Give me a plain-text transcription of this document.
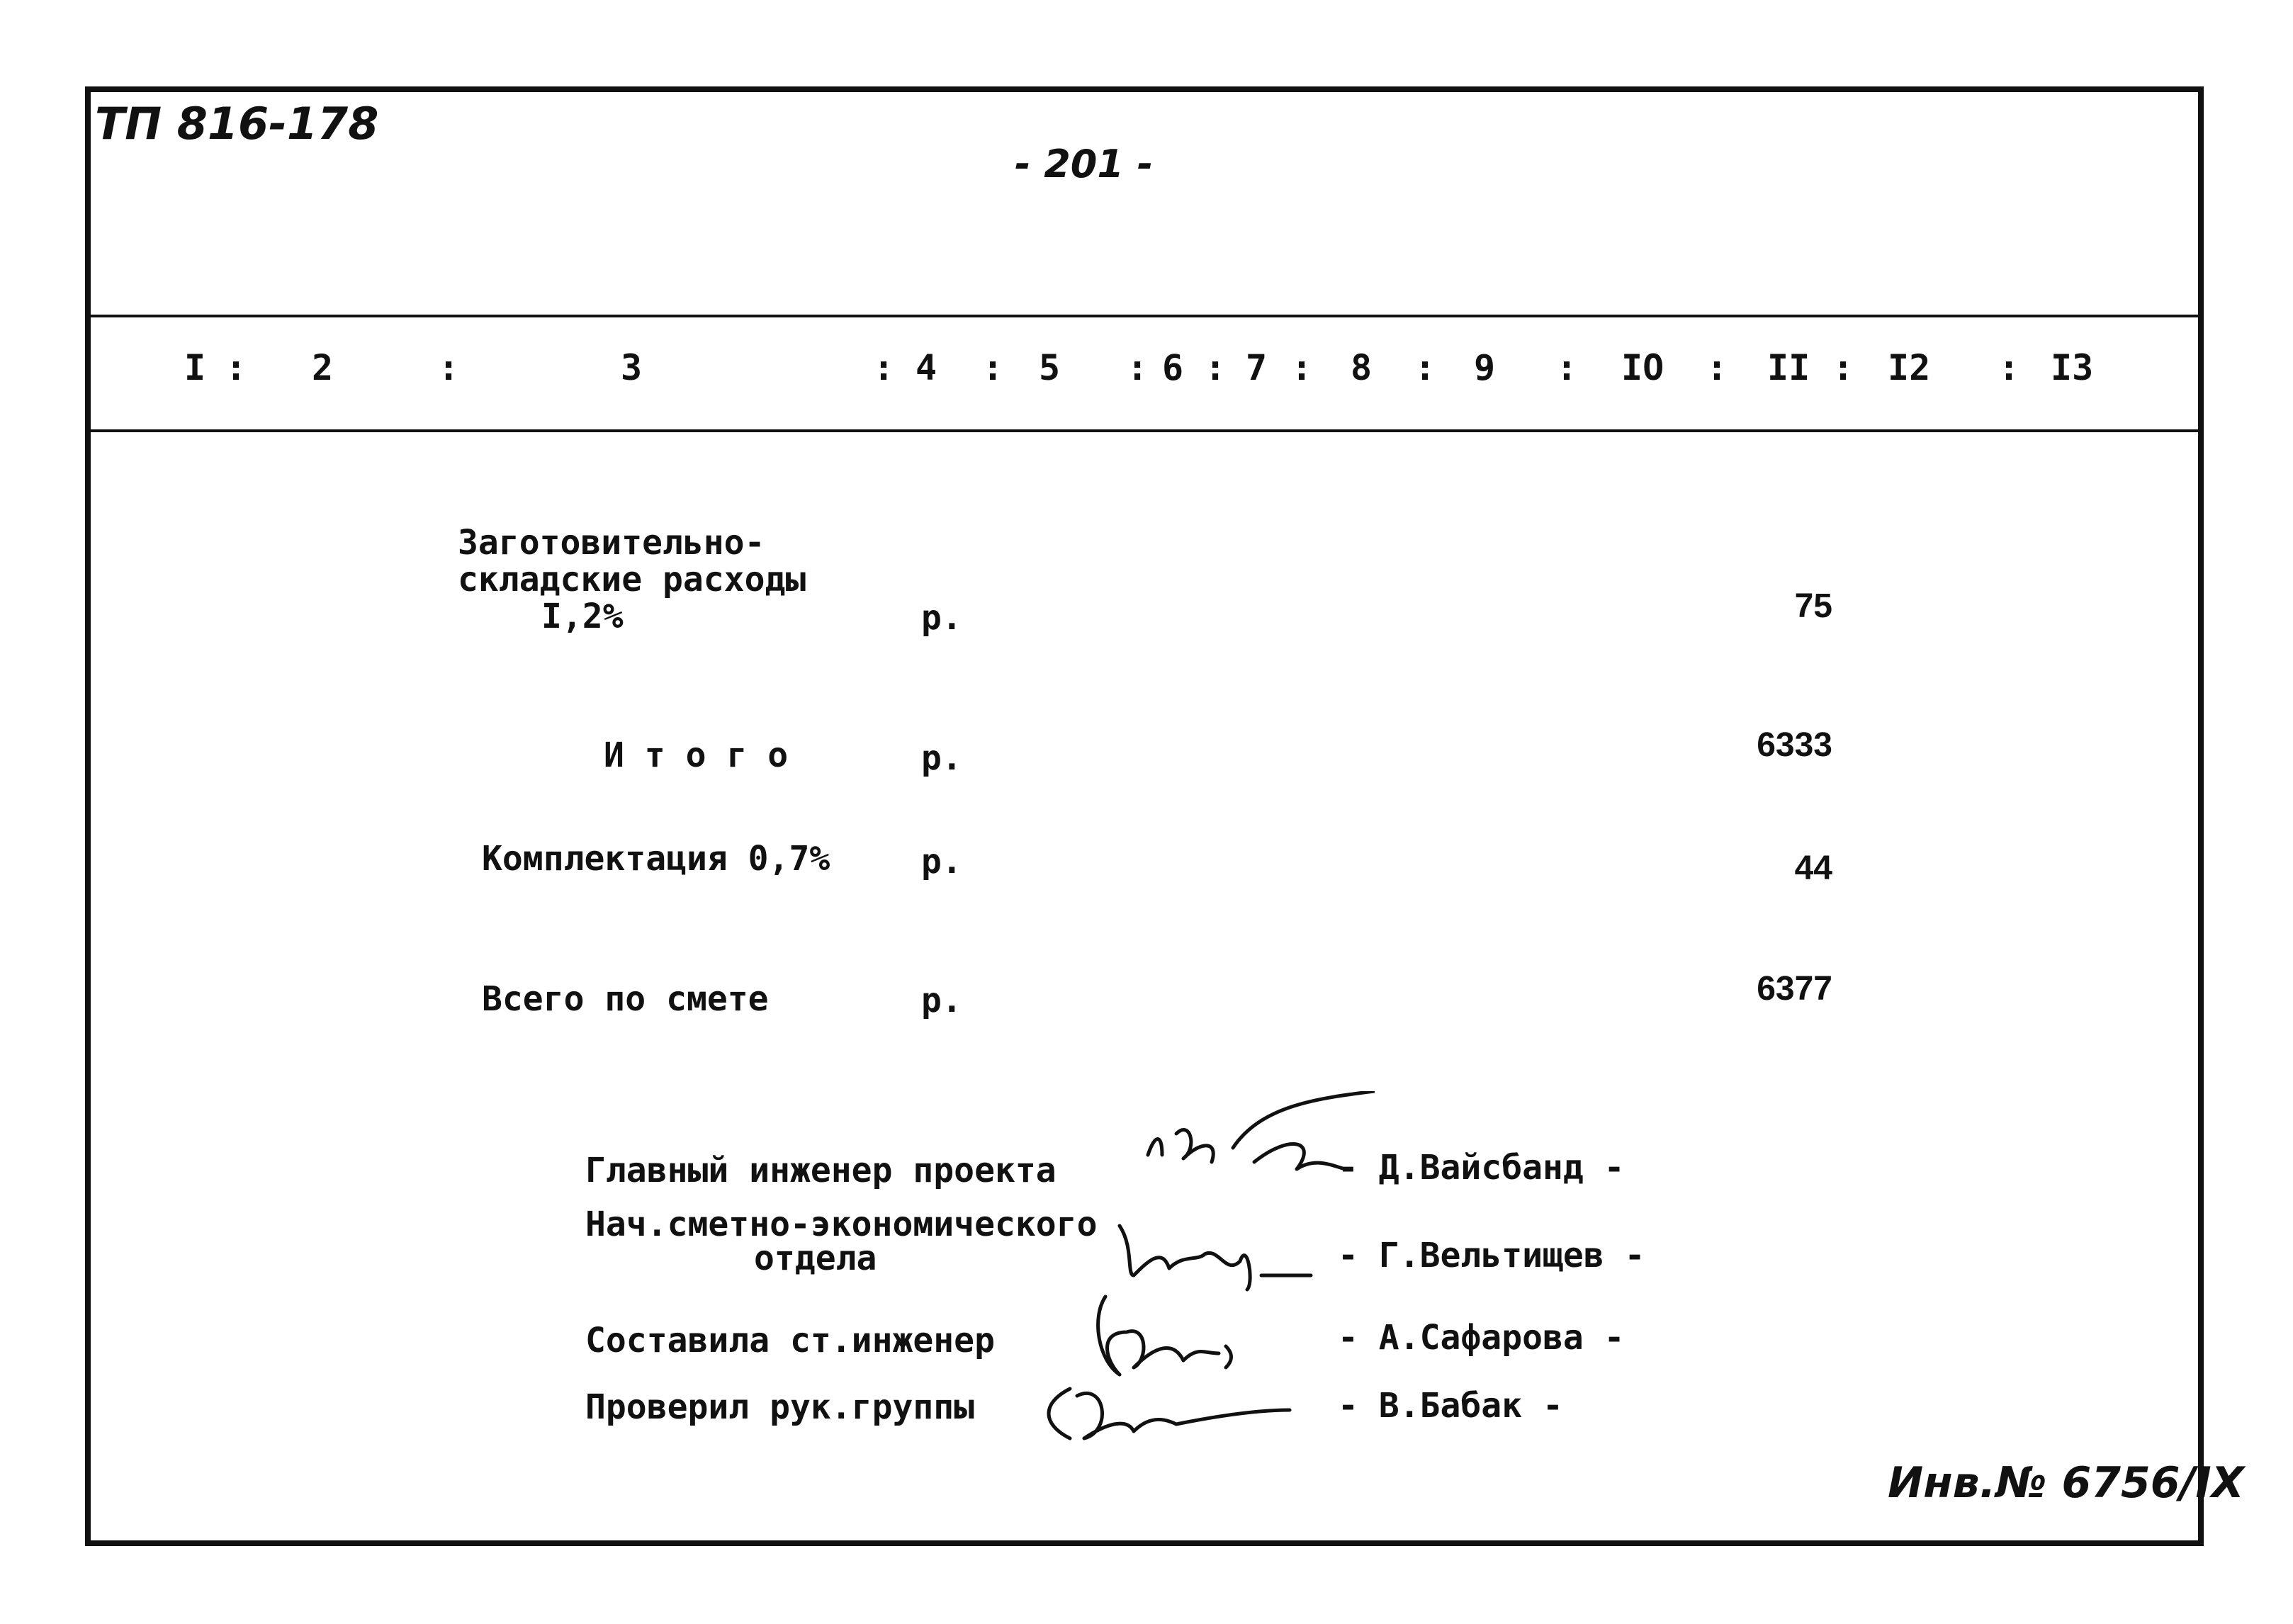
ТП 816-178
- 201 -
I : 2	:	3	: 4 : 5 : 6 : 7 : 8 : 9 : IO : II : I2 : I3
Заготовительно-
складские расходы
I,2%	р.	75
И т о г о	р.	6333
Комплектация 0,7%	р.	44
Всего по смете	р.	6377
Главный инженер проекта	- Д.Вайсбанд -
Нач.сметно-экономического
отдела	- Г.Вельтищев -
Составила ст.инженер	- А.Сафарова -
Проверил рук.группы	- В.Бабак -
Инв.№ 6756/IX
